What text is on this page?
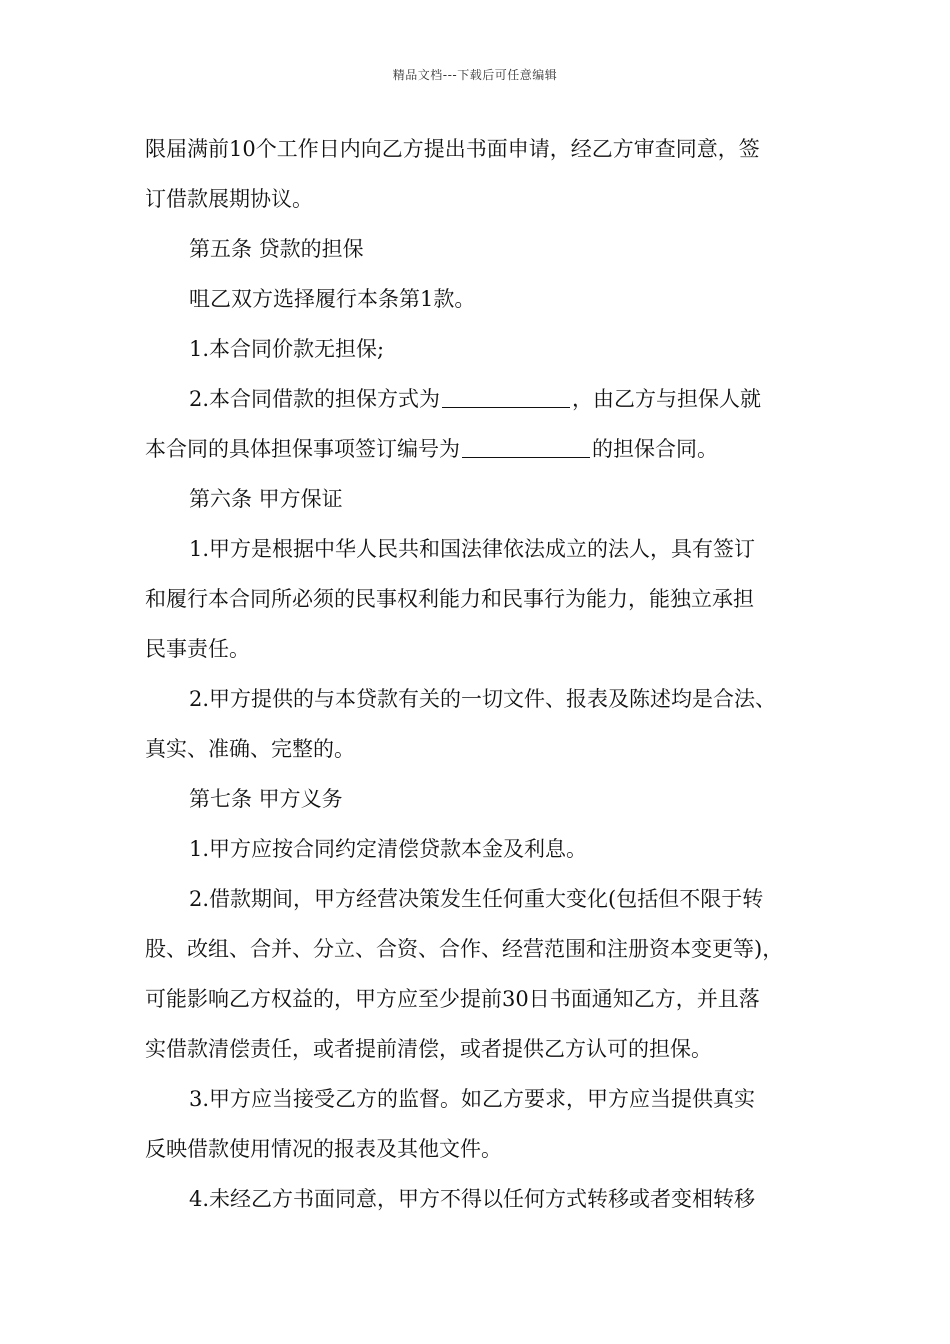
精品文档---下载后可任意编辑
限届满前10个工作日内向乙方提出书面申请，经乙方审查同意，签
订借款展期协议。
第五条 贷款的担保
咀乙双方选择履行本条第1款。
1.本合同价款无担保;
2.本合同借款的担保方式为	，由乙方与担保人就
本合同的具体担保事项签订编号为	的担保合同。
第六条 甲方保证
1.甲方是根据中华人民共和国法律依法成立的法人，具有签订
和履行本合同所必须的民事权利能力和民事行为能力，能独立承担
民事责任。
2.甲方提供的与本贷款有关的一切文件、报表及陈述均是合法、
真实、准确、完整的。
第七条 甲方义务
1.甲方应按合同约定清偿贷款本金及利息。
2.借款期间，甲方经营决策发生任何重大变化(包括但不限于转
股、改组、合并、分立、合资、合作、经营范围和注册资本变更等)，
可能影响乙方权益的，甲方应至少提前30日书面通知乙方，并且落
实借款清偿责任，或者提前清偿，或者提供乙方认可的担保。
3.甲方应当接受乙方的监督。如乙方要求，甲方应当提供真实
反映借款使用情况的报表及其他文件。
4.未经乙方书面同意，甲方不得以任何方式转移或者变相转移
